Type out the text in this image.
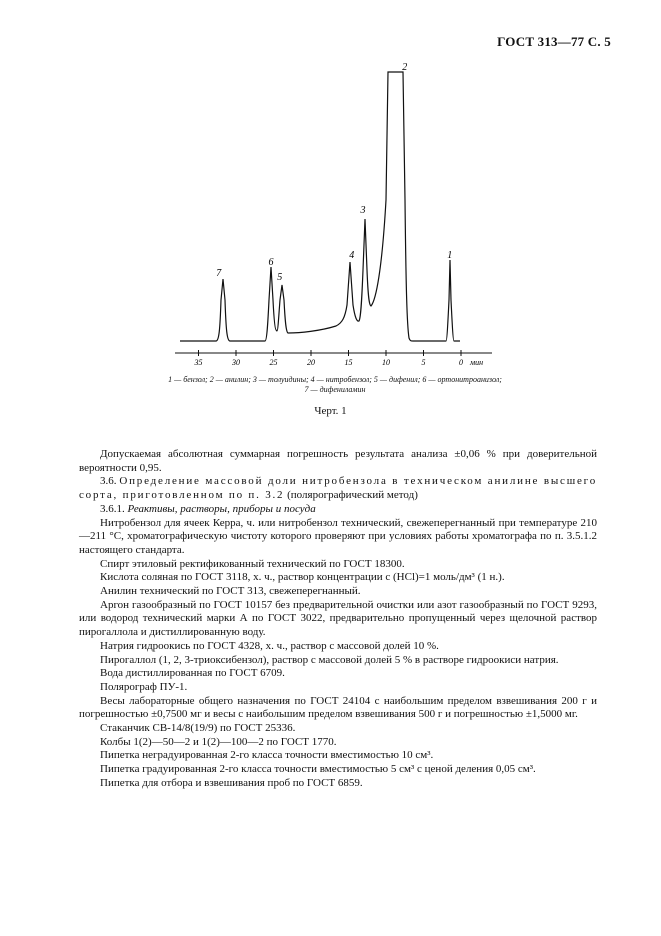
ГОСТ 313—77 С. 5
35	30	25	20	15	10	5	0
1
2
3
4
5
6
7
мин
1 — бензол; 2 — анилин; 3 — толуидины; 4 — нитробензол; 5 — дифенил; 6 — ортонитроанизол;
7 — дифениламин
Черт. 1

Допускаемая абсолютная суммарная погрешность результата анализа ±0,06 % при доверительной вероятности 0,95.

3.6. Определение массовой доли нитробензола в техническом анилине высшего сорта, приготовленном по п. 3.2 (полярографический метод)

3.6.1. Реактивы, растворы, приборы и посуда

Нитробензол для ячеек Керра, ч. или нитробензол технический, свежеперегнанный при температуре 210—211 °С, хроматографическую чистоту которого проверяют при условиях работы хроматографа по п. 3.5.1.2 настоящего стандарта.

Спирт этиловый ректификованный технический по ГОСТ 18300.

Кислота соляная по ГОСТ 3118, х. ч., раствор концентрации с (HCl)=1 моль/дм³ (1 н.).

Анилин технический по ГОСТ 313, свежеперегнанный.

Аргон газообразный по ГОСТ 10157 без предварительной очистки или азот газообразный по ГОСТ 9293, или водород технический марки А по ГОСТ 3022, предварительно пропущенный через щелочной раствор пирогаллола и дистиллированную воду.

Натрия гидроокись по ГОСТ 4328, х. ч., раствор с массовой долей 10 %.

Пирогаллол (1, 2, 3-триоксибензол), раствор с массовой долей 5 % в растворе гидроокиси натрия.

Вода дистиллированная по ГОСТ 6709.

Полярограф ПУ-1.

Весы лабораторные общего назначения по ГОСТ 24104 с наибольшим пределом взвешивания 200 г и погрешностью ±0,7500 мг и весы с наибольшим пределом взвешивания 500 г и погрешностью ±1,5000 мг.

Стаканчик СВ-14/8(19/9) по ГОСТ 25336.

Колбы 1(2)—50—2 и 1(2)—100—2 по ГОСТ 1770.

Пипетка неградуированная 2-го класса точности вместимостью 10 см³.

Пипетка градуированная 2-го класса точности вместимостью 5 см³ с ценой деления 0,05 см³.

Пипетка для отбора и взвешивания проб по ГОСТ 6859.
